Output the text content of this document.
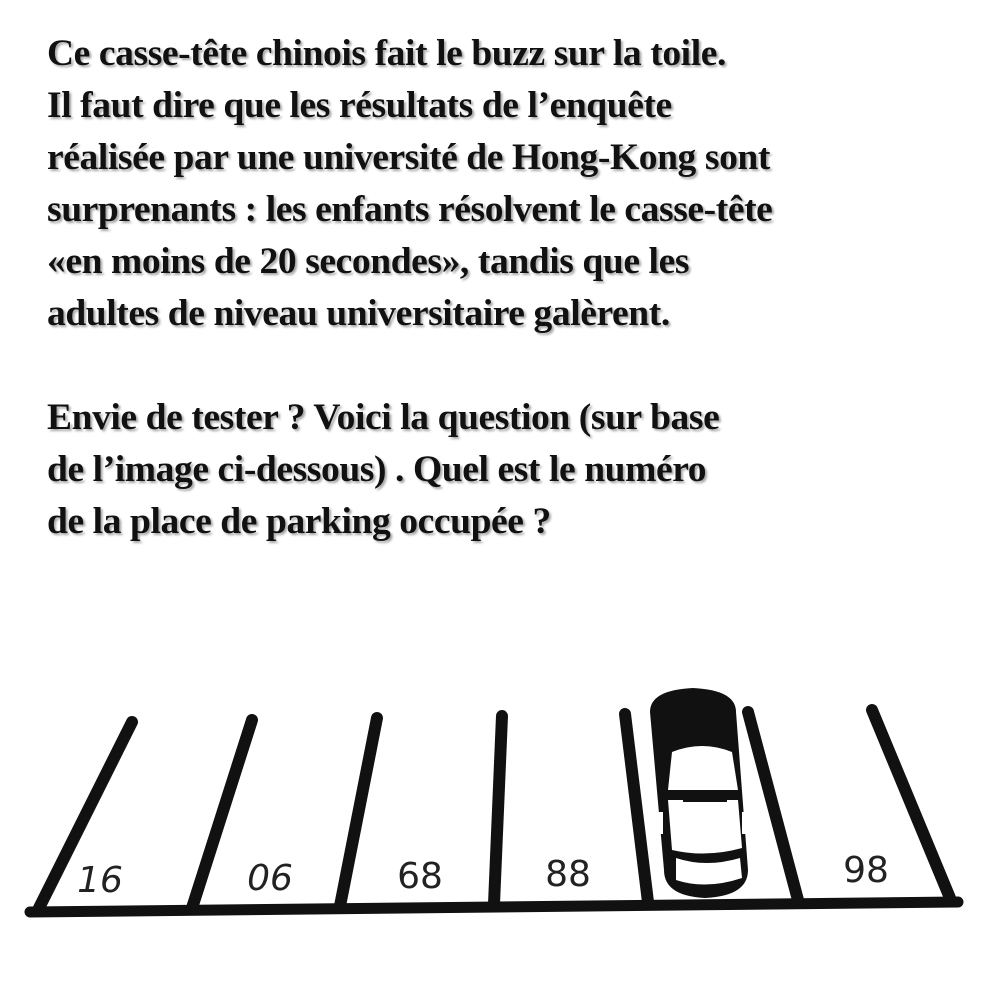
Ce casse-tête chinois fait le buzz sur la toile.
Il faut dire que les résultats de l’enquête
réalisée par une université de Hong-Kong sont
surprenants : les enfants résolvent le casse-tête
«en moins de 20 secondes», tandis que les
adultes de niveau universitaire galèrent.
Envie de tester ? Voici la question (sur base
de l’image ci-dessous) . Quel est le numéro
de la place de parking occupée ?
16	06	68	88	98
